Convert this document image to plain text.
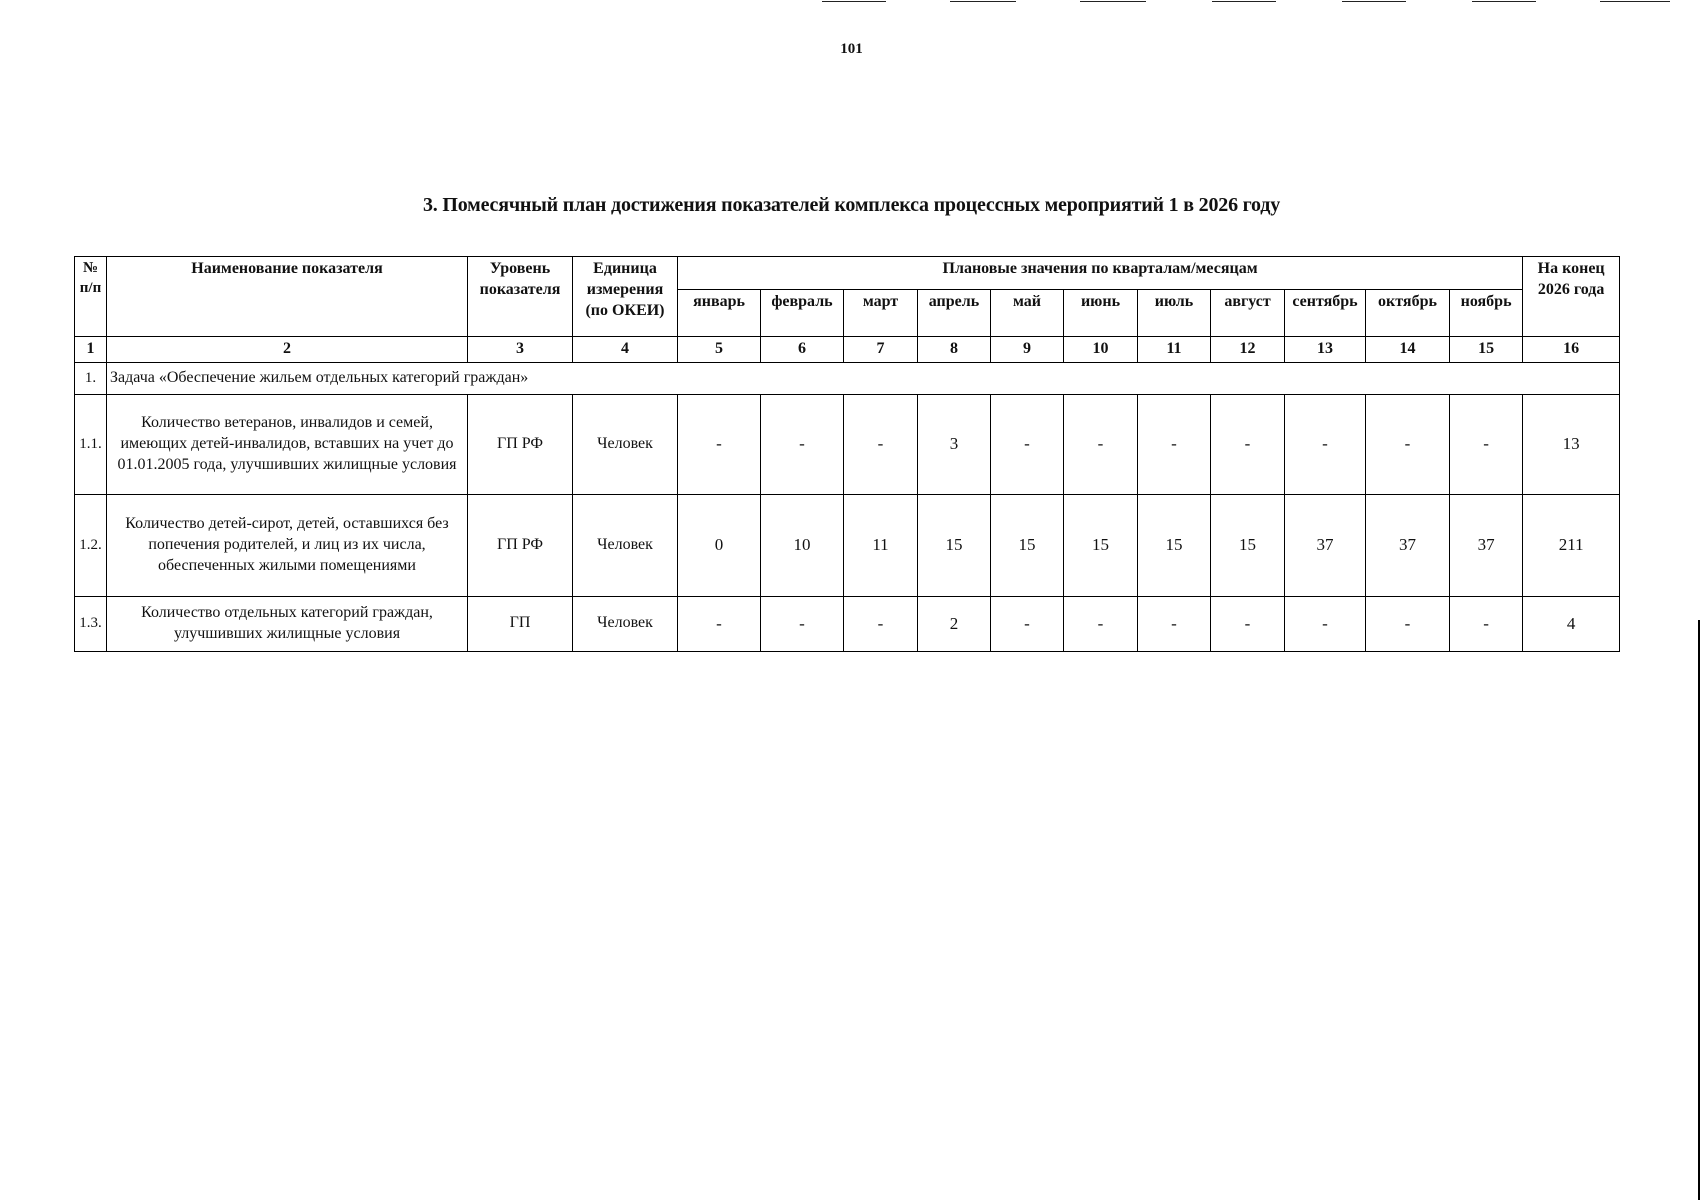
101
3. Помесячный план достижения показателей комплекса процессных мероприятий 1 в 2026 году
№ п/п	Наименование показателя	Уровень показателя	Единица измерения (по ОКЕИ)	Плановые значения по кварталам/месяцам											На конец 2026 года
				январь	февраль	март	апрель	май	июнь	июль	август	сентябрь	октябрь	ноябрь	
1	2	3	4	5	6	7	8	9	10	11	12	13	14	15	16
1.	Задача «Обеспечение жильем отдельных категорий граждан»														
1.1.	Количество ветеранов, инвалидов и семей, имеющих детей-инвалидов, вставших на учет до 01.01.2005 года, улучшивших жилищные условия	ГП РФ	Человек	-	-	-	3	-	-	-	-	-	-	-	13
1.2.	Количество детей-сирот, детей, оставшихся без попечения родителей, и лиц из их числа, обеспеченных жилыми помещениями	ГП РФ	Человек	0	10	11	15	15	15	15	15	37	37	37	211
1.3.	Количество отдельных категорий граждан, улучшивших жилищные условия	ГП	Человек	-	-	-	2	-	-	-	-	-	-	-	4
